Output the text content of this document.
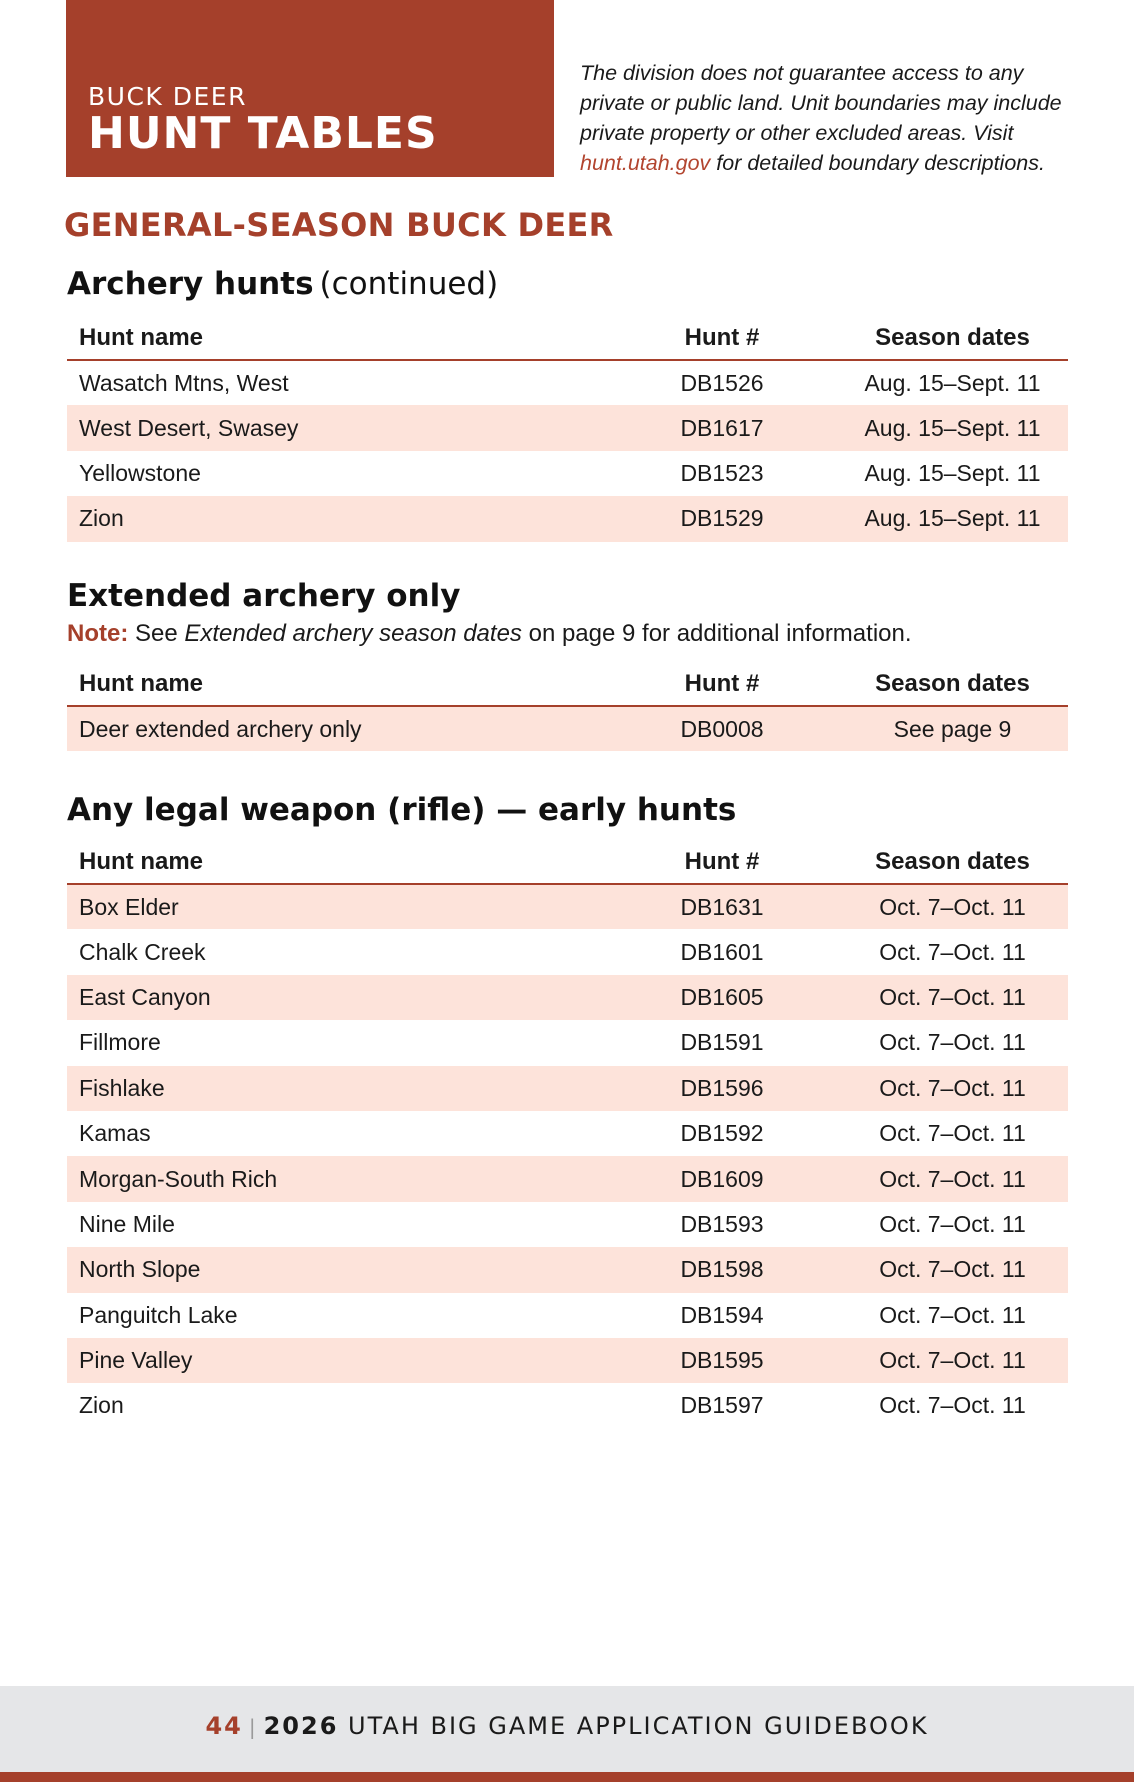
BUCK DEER
HUNT TABLES
The division does not guarantee access to any private or public land. Unit boundaries may include private property or other excluded areas. Visit hunt.utah.gov for detailed boundary descriptions.
GENERAL-SEASON BUCK DEER
Archery hunts (continued)
Hunt name	Hunt #	Season dates
Wasatch Mtns, West	DB1526	Aug. 15–Sept. 11
West Desert, Swasey	DB1617	Aug. 15–Sept. 11
Yellowstone	DB1523	Aug. 15–Sept. 11
Zion	DB1529	Aug. 15–Sept. 11
Extended archery only
Note: See Extended archery season dates on page 9 for additional information.
Hunt name	Hunt #	Season dates
Deer extended archery only	DB0008	See page 9
Any legal weapon (rifle) — early hunts
Hunt name	Hunt #	Season dates
Box Elder	DB1631	Oct. 7–Oct. 11
Chalk Creek	DB1601	Oct. 7–Oct. 11
East Canyon	DB1605	Oct. 7–Oct. 11
Fillmore	DB1591	Oct. 7–Oct. 11
Fishlake	DB1596	Oct. 7–Oct. 11
Kamas	DB1592	Oct. 7–Oct. 11
Morgan-South Rich	DB1609	Oct. 7–Oct. 11
Nine Mile	DB1593	Oct. 7–Oct. 11
North Slope	DB1598	Oct. 7–Oct. 11
Panguitch Lake	DB1594	Oct. 7–Oct. 11
Pine Valley	DB1595	Oct. 7–Oct. 11
Zion	DB1597	Oct. 7–Oct. 11
44 | 2026 UTAH BIG GAME APPLICATION GUIDEBOOK
